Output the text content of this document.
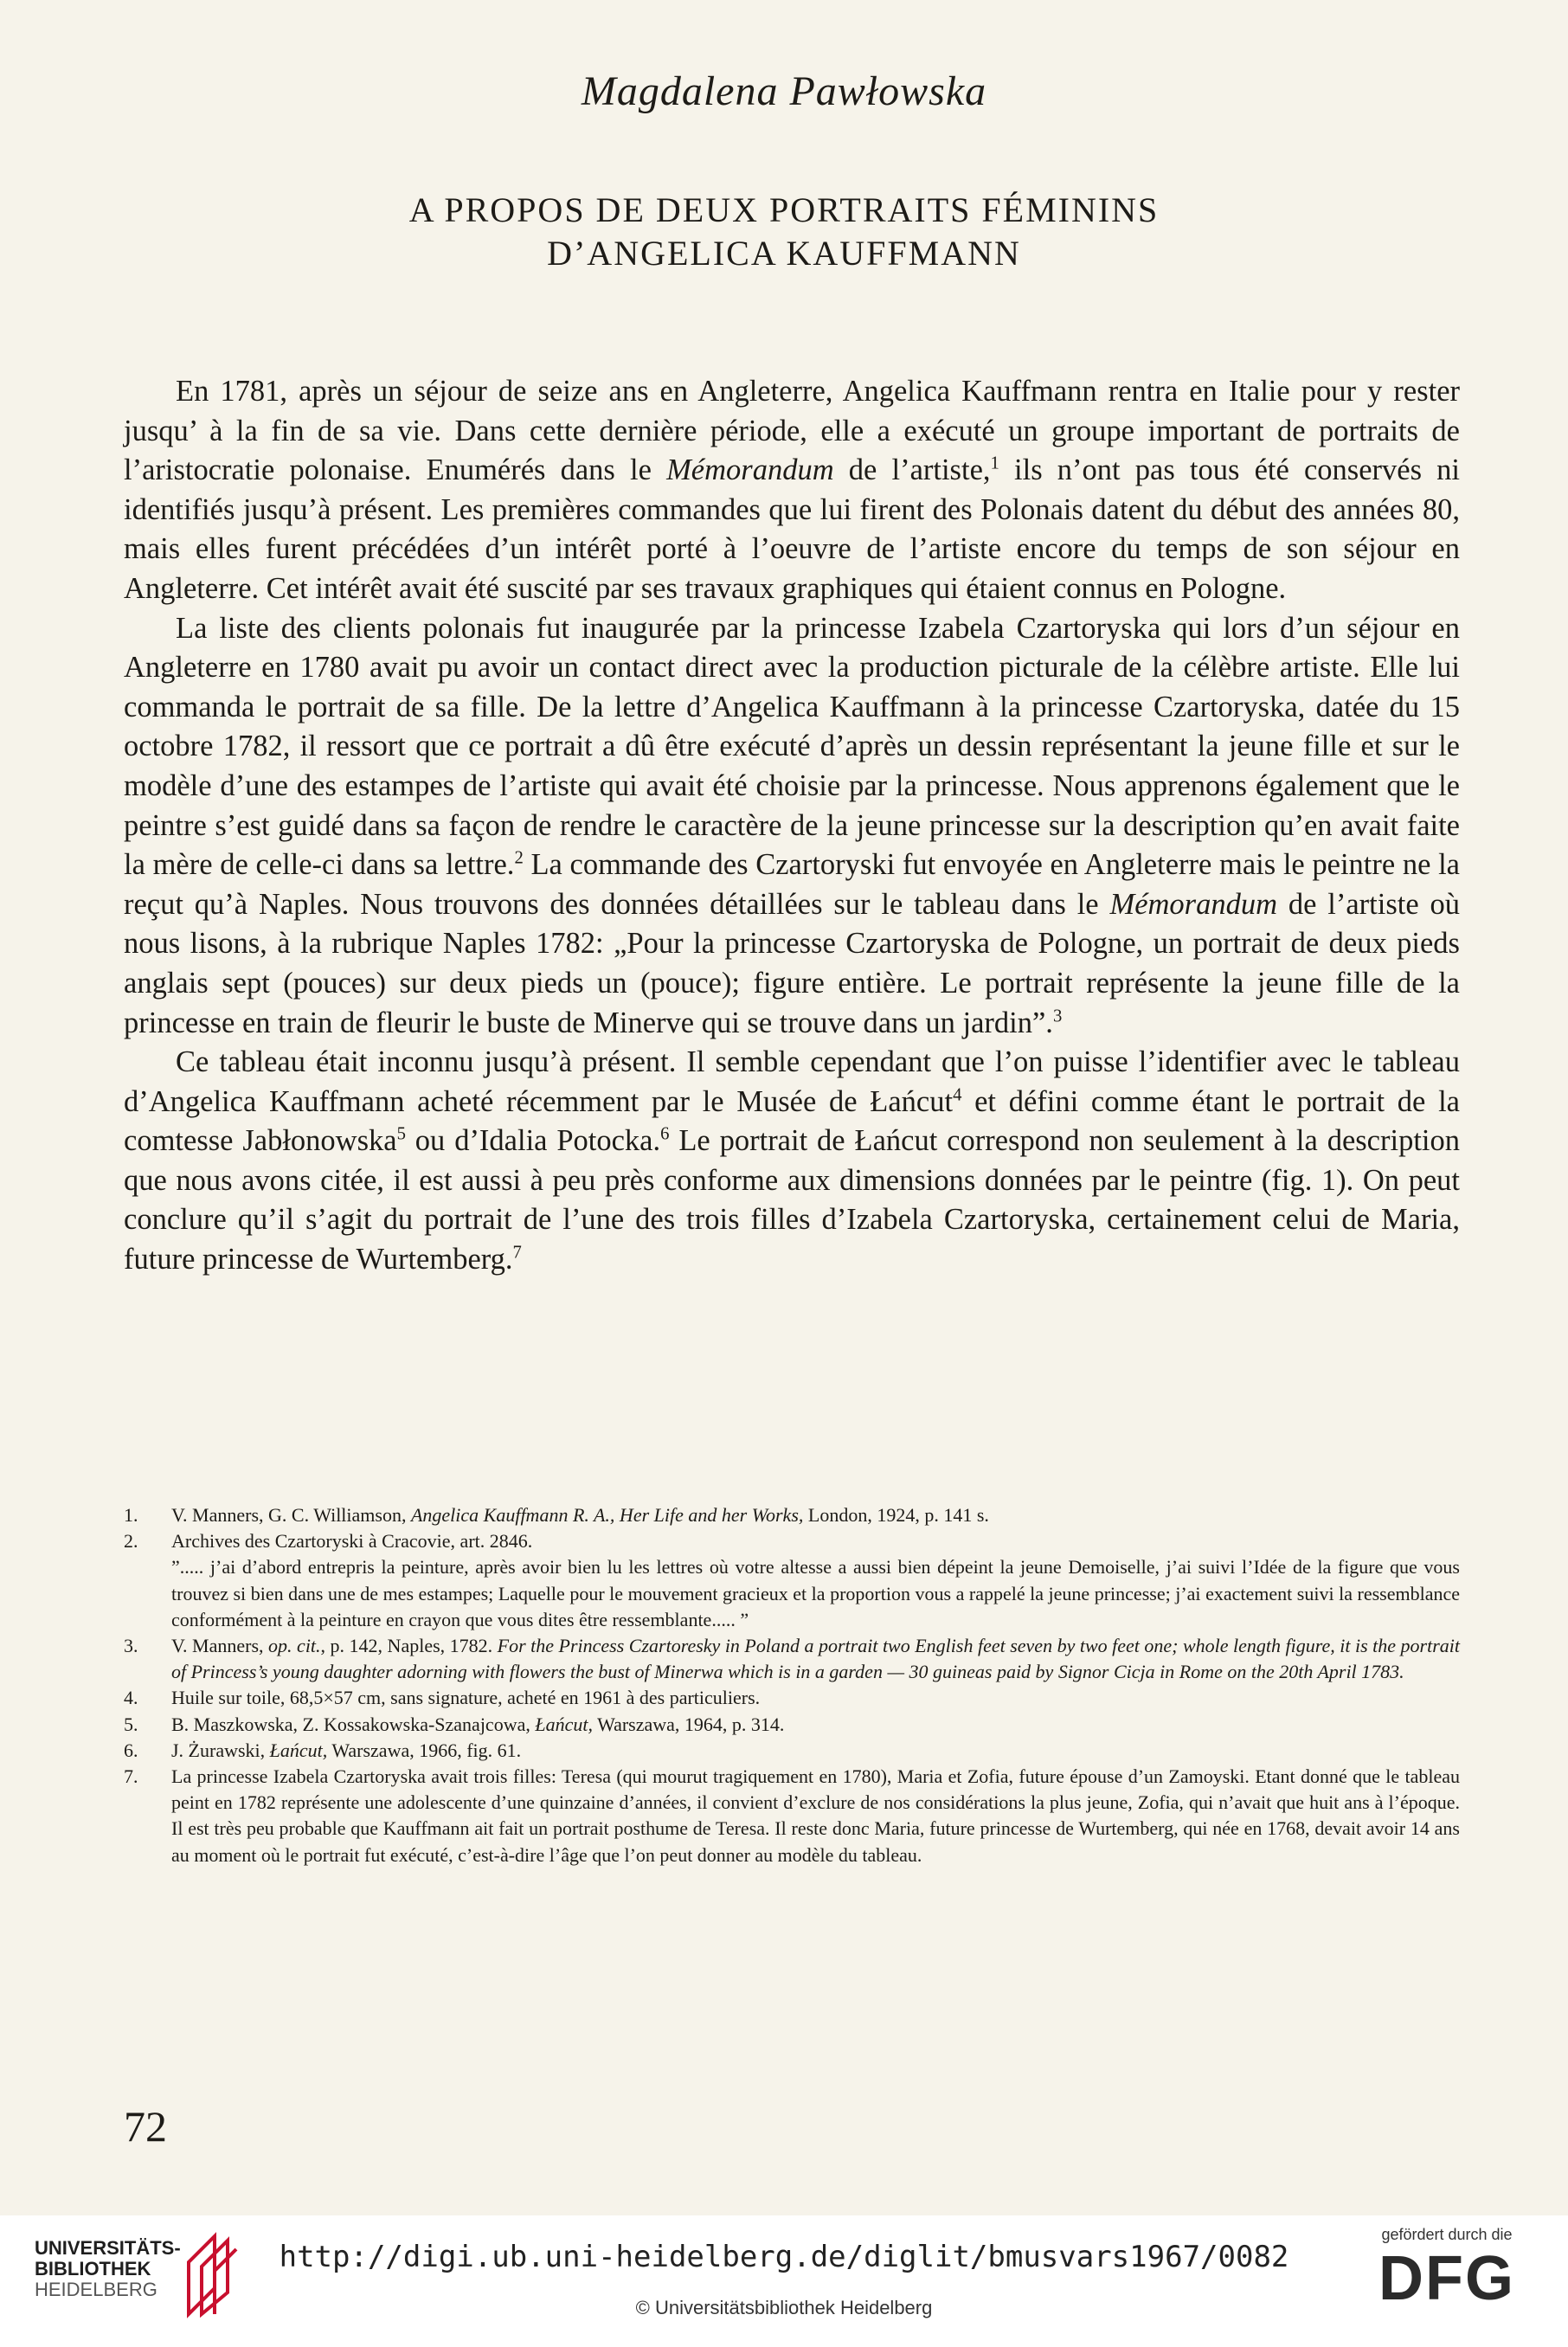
Magdalena Pawłowska
A PROPOS DE DEUX PORTRAITS FÉMININS
D’ANGELICA KAUFFMANN

En 1781, après un séjour de seize ans en Angleterre, Angelica Kauffmann rentra en Italie pour y rester jusqu’ à la fin de sa vie. Dans cette dernière période, elle a exécuté un groupe important de portraits de l’aristocratie polonaise. Enumérés dans le Mémorandum de l’artiste,$^1$ ils n’ont pas tous été conservés ni identifiés jusqu’à présent. Les premières commandes que lui firent des Polonais datent du début des années 80, mais elles furent précédées d’un intérêt porté à l’oeuvre de l’artiste encore du temps de son séjour en Angleterre. Cet intérêt avait été suscité par ses travaux graphiques qui étaient connus en Pologne.

La liste des clients polonais fut inaugurée par la princesse Izabela Czartoryska qui lors d’un séjour en Angleterre en 1780 avait pu avoir un contact direct avec la production picturale de la célèbre artiste. Elle lui commanda le portrait de sa fille. De la lettre d’Angelica Kauffmann à la princesse Czartoryska, datée du 15 octobre 1782, il ressort que ce portrait a dû être exécuté d’après un dessin représentant la jeune fille et sur le modèle d’une des estampes de l’artiste qui avait été choisie par la princesse. Nous apprenons également que le peintre s’est guidé dans sa façon de rendre le caractère de la jeune princesse sur la description qu’en avait faite la mère de celle-ci dans sa lettre.$^2$ La commande des Czartoryski fut envoyée en Angleterre mais le peintre ne la reçut qu’à Naples. Nous trouvons des données détaillées sur le tableau dans le Mémorandum de l’artiste où nous lisons, à la rubrique Naples 1782: „Pour la princesse Czartoryska de Pologne, un portrait de deux pieds anglais sept (pouces) sur deux pieds un (pouce); figure entière. Le portrait représente la jeune fille de la princesse en train de fleurir le buste de Minerve qui se trouve dans un jardin”.$^3$

Ce tableau était inconnu jusqu’à présent. Il semble cependant que l’on puisse l’identifier avec le tableau d’Angelica Kauffmann acheté récemment par le Musée de Łańcut$^4$ et défini comme étant le portrait de la comtesse Jabłonowska$^5$ ou d’Idalia Potocka.$^6$ Le portrait de Łańcut correspond non seulement à la description que nous avons citée, il est aussi à peu près conforme aux dimensions données par le peintre (fig. 1). On peut conclure qu’il s’agit du portrait de l’une des trois filles d’Izabela Czartoryska, certainement celui de Maria, future princesse de Wurtemberg.$^7$

1.	V. Manners, G. C. Williamson, Angelica Kauffmann R. A., Her Life and her Works, London, 1924, p. 141 s.
2.	Archives des Czartoryski à Cracovie, art. 2846.
”..... j’ai d’abord entrepris la peinture, après avoir bien lu les lettres où votre altesse a aussi bien dépeint la jeune Demoiselle, j’ai suivi l’Idée de la figure que vous trouvez si bien dans une de mes estampes; Laquelle pour le mouvement gracieux et la proportion vous a rappelé la jeune princesse; j’ai exactement suivi la ressemblance conformément à la peinture en crayon que vous dites être ressemblante..... ”
3.	V. Manners, op. cit., p. 142, Naples, 1782. For the Princess Czartoresky in Poland a portrait two English feet seven by two feet one; whole length figure, it is the portrait of Princess’s young daughter adorning with flowers the bust of Minerwa which is in a garden — 30 guineas paid by Signor Cicja in Rome on the 20th April 1783.
4.	Huile sur toile, 68,5×57 cm, sans signature, acheté en 1961 à des particuliers.
5.	B. Maszkowska, Z. Kossakowska-Szanajcowa, Łańcut, Warszawa, 1964, p. 314.
6.	J. Żurawski, Łańcut, Warszawa, 1966, fig. 61.
7.	La princesse Izabela Czartoryska avait trois filles: Teresa (qui mourut tragiquement en 1780), Maria et Zofia, future épouse d’un Zamoyski. Etant donné que le tableau peint en 1782 représente une adolescente d’une quinzaine d’années, il convient d’exclure de nos considérations la plus jeune, Zofia, qui n’avait que huit ans à l’époque. Il est très peu probable que Kauffmann ait fait un portrait posthume de Teresa. Il reste donc Maria, future princesse de Wurtemberg, qui née en 1768, devait avoir 14 ans au moment où le portrait fut exécuté, c’est-à-dire l’âge que l’on peut donner au modèle du tableau.
72
UNIVERSITÄTS-
BIBLIOTHEK
HEIDELBERG
http://digi.ub.uni-heidelberg.de/diglit/bmusvars1967/0082
© Universitätsbibliothek Heidelberg
gefördert durch die
DFG
